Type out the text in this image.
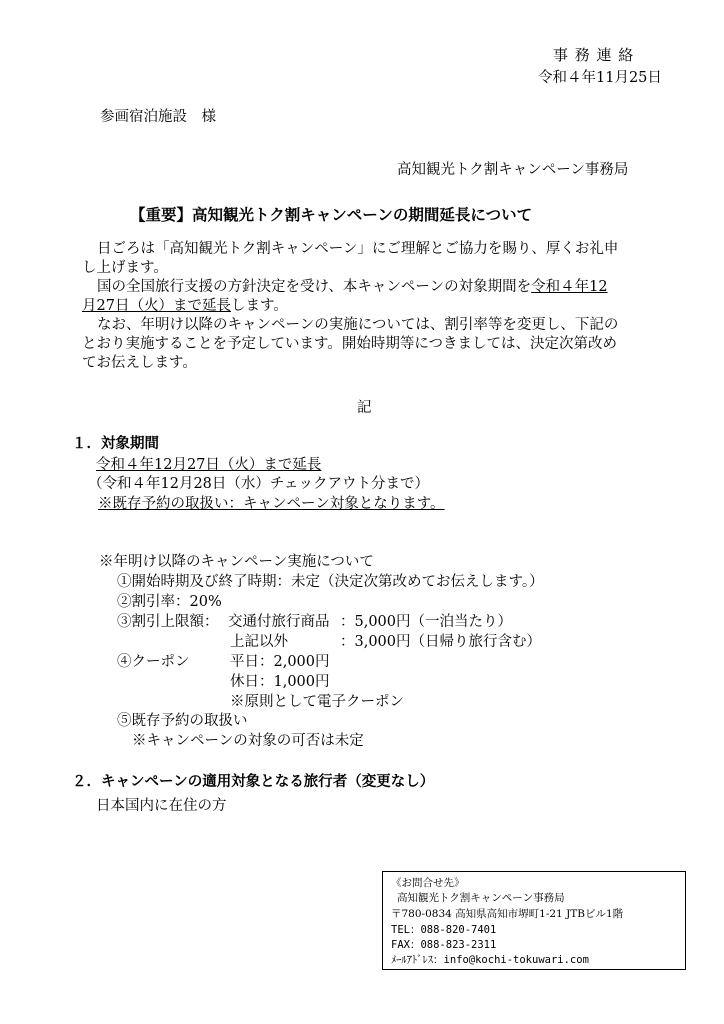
事 務 連 絡
令和４年11月25日
参画宿泊施設　様
高知観光トク割キャンペーン事務局
【重要】高知観光トク割キャンペーンの期間延長について
日ごろは「高知観光トク割キャンペーン」にご理解とご協力を賜り、厚くお礼申
し上げます。
国の全国旅行支援の方針決定を受け、本キャンペーンの対象期間を令和４年12
月27日（火）まで延長します。
なお、年明け以降のキャンペーンの実施については、割引率等を変更し、下記の
とおり実施することを予定しています。開始時期等につきましては、決定次第改め
てお伝えします。
記
１．対象期間
令和４年12月27日（火）まで延長
（令和４年12月28日（水）チェックアウト分まで）
※既存予約の取扱い：キャンペーン対象となります。
※年明け以降のキャンペーン実施について
①開始時期及び終了時期：未定（決定次第改めてお伝えします。）
②割引率：20%
③割引上限額： 交通付旅行商品 ：5,000円（一泊当たり）
上記以外	：3,000円（日帰り旅行含む）
④クーポン	平日：2,000円
休日：1,000円
※原則として電子クーポン
⑤既存予約の取扱い
※キャンペーンの対象の可否は未定
２．キャンペーンの適用対象となる旅行者（変更なし）
日本国内に在住の方
《お問合せ先》
高知観光トク割キャンペーン事務局
〒780-0834 高知県高知市堺町1-21 JTBビル1階
TEL：088-820-7401
FAX：088-823-2311
ﾒｰﾙｱﾄﾞﾚｽ：info@kochi-tokuwari.com
